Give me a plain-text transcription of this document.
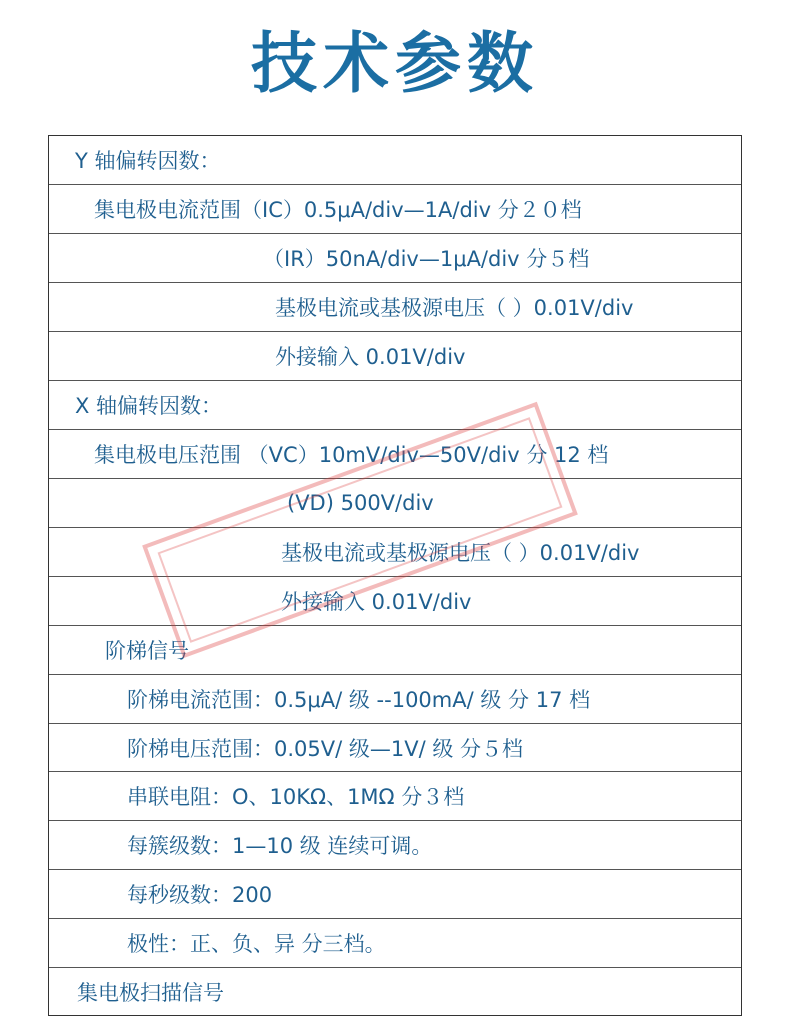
技术参数
Y 轴偏转因数：
集电极电流范围（IC）0.5μA/div—1A/div 分２０档
（IR）50nA/div—1μA/div 分５档
基极电流或基极源电压（ ）0.01V/div
外接输入 0.01V/div
X 轴偏转因数：
集电极电压范围 （VC）10mV/div—50V/div 分 12 档
(VD) 500V/div
基极电流或基极源电压（ ）0.01V/div
外接输入 0.01V/div
阶梯信号
阶梯电流范围：0.5μA/ 级 --100mA/ 级 分 17 档
阶梯电压范围：0.05V/ 级—1V/ 级 分５档
串联电阻：O、10KΩ、1MΩ 分３档
每簇级数：1—10 级 连续可调。
每秒级数：200
极性：正、负、异 分三档。
集电极扫描信号
